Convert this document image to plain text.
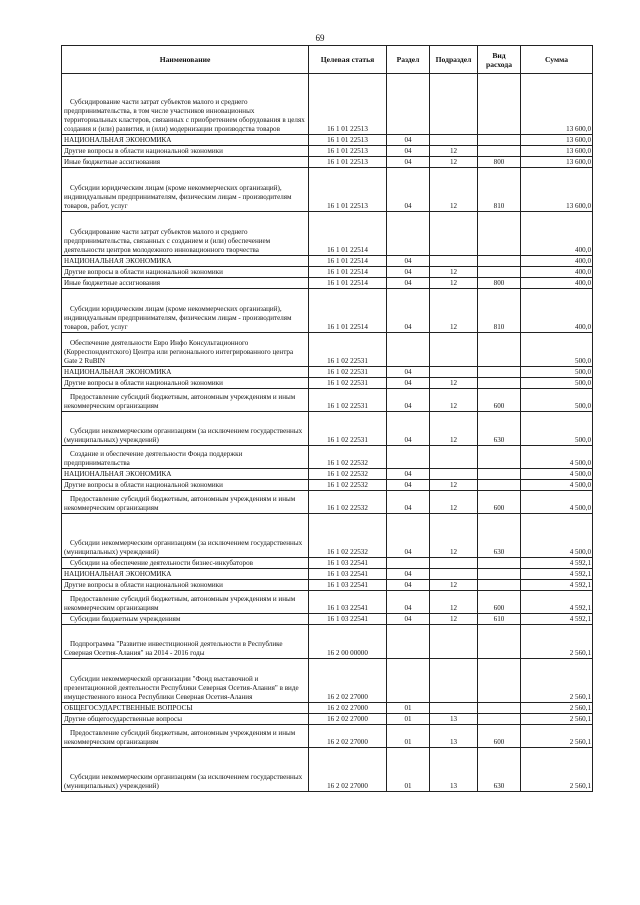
69
Наименование	Целевая статья	Раздел	Подраздел	Вид расхода	Сумма
Субсидирование части затрат субъектов малого и среднего предпринимательства, в том числе участников инновационных территориальных кластеров, связанных с приобретением оборудования в целях создания и (или) развития, и (или) модернизации производства товаров	16 1 01 22513				13 600,0
НАЦИОНАЛЬНАЯ ЭКОНОМИКА	16 1 01 22513	04			13 600,0
Другие вопросы в области национальной экономики	16 1 01 22513	04	12		13 600,0
Иные бюджетные ассигнования	16 1 01 22513	04	12	800	13 600,0
Субсидии юридическим лицам (кроме некоммерческих организаций), индивидуальным предпринимателям, физическим лицам - производителям товаров, работ, услуг	16 1 01 22513	04	12	810	13 600,0
Субсидирование части затрат субъектов малого и среднего предпринимательства, связанных с созданием и (или) обеспечением деятельности центров молодежного инновационного творчества	16 1 01 22514				400,0
НАЦИОНАЛЬНАЯ ЭКОНОМИКА	16 1 01 22514	04			400,0
Другие вопросы в области национальной экономики	16 1 01 22514	04	12		400,0
Иные бюджетные ассигнования	16 1 01 22514	04	12	800	400,0
Субсидии юридическим лицам (кроме некоммерческих организаций), индивидуальным предпринимателям, физическим лицам - производителям товаров, работ, услуг	16 1 01 22514	04	12	810	400,0
Обеспечение деятельности Евро Инфо Консультационного (Корреспондентского) Центра или регионального интегрированного центра Gate 2 RuBIN	16 1 02 22531				500,0
НАЦИОНАЛЬНАЯ ЭКОНОМИКА	16 1 02 22531	04			500,0
Другие вопросы в области национальной экономики	16 1 02 22531	04	12		500,0
Предоставление субсидий бюджетным, автономным учреждениям и иным некоммерческим организациям	16 1 02 22531	04	12	600	500,0
Субсидии некоммерческим организациям (за исключением государственных (муниципальных) учреждений)	16 1 02 22531	04	12	630	500,0
Создание и обеспечение деятельности Фонда поддержки предпринимательства	16 1 02 22532				4 500,0
НАЦИОНАЛЬНАЯ ЭКОНОМИКА	16 1 02 22532	04			4 500,0
Другие вопросы в области национальной экономики	16 1 02 22532	04	12		4 500,0
Предоставление субсидий бюджетным, автономным учреждениям и иным некоммерческим организациям	16 1 02 22532	04	12	600	4 500,0
Субсидии некоммерческим организациям (за исключением государственных (муниципальных) учреждений)	16 1 02 22532	04	12	630	4 500,0
Субсидии на обеспечение деятельности бизнес-инкубаторов	16 1 03 22541				4 592,1
НАЦИОНАЛЬНАЯ ЭКОНОМИКА	16 1 03 22541	04			4 592,1
Другие вопросы в области национальной экономики	16 1 03 22541	04	12		4 592,1
Предоставление субсидий бюджетным, автономным учреждениям и иным некоммерческим организациям	16 1 03 22541	04	12	600	4 592,1
Субсидии бюджетным учреждениям	16 1 03 22541	04	12	610	4 592,1
Подпрограмма "Развитие инвестиционной деятельности в Республике Северная Осетия-Алания" на 2014 - 2016 годы	16 2 00 00000				2 560,1
Субсидии некоммерческой организации "Фонд выставочной и презентационной деятельности Республики Северная Осетия-Алания" в виде имущественного взноса Республики Северная Осетия-Алания	16 2 02 27000				2 560,1
ОБЩЕГОСУДАРСТВЕННЫЕ ВОПРОСЫ	16 2 02 27000	01			2 560,1
Другие общегосударственные вопросы	16 2 02 27000	01	13		2 560,1
Предоставление субсидий бюджетным, автономным учреждениям и иным некоммерческим организациям	16 2 02 27000	01	13	600	2 560,1
Субсидии некоммерческим организациям (за исключением государственных (муниципальных) учреждений)	16 2 02 27000	01	13	630	2 560,1
